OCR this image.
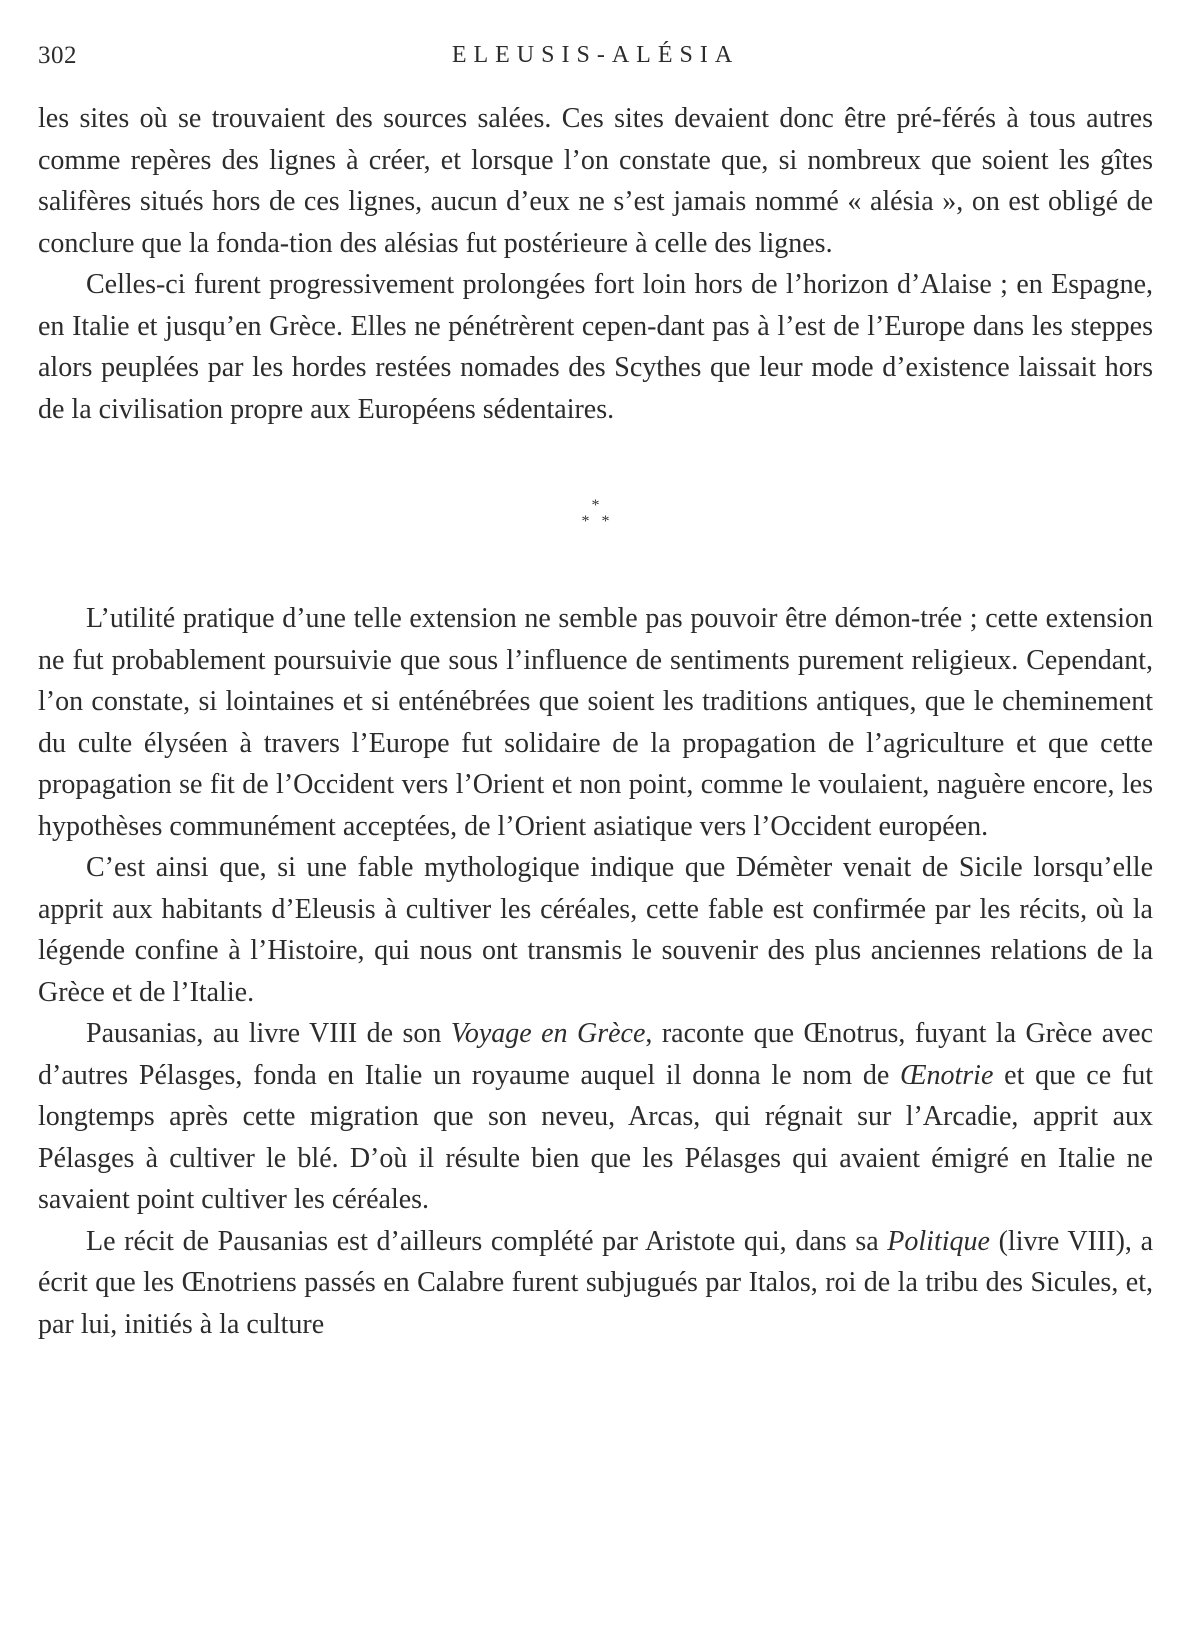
302	ELEUSIS-ALÉSIA

les sites où se trouvaient des sources salées. Ces sites devaient donc être pré-férés à tous autres comme repères des lignes à créer, et lorsque l’on constate que, si nombreux que soient les gîtes salifères situés hors de ces lignes, aucun d’eux ne s’est jamais nommé « alésia », on est obligé de conclure que la fonda-tion des alésias fut postérieure à celle des lignes.

Celles-ci furent progressivement prolongées fort loin hors de l’horizon d’Alaise ; en Espagne, en Italie et jusqu’en Grèce. Elles ne pénétrèrent cepen-dant pas à l’est de l’Europe dans les steppes alors peuplées par les hordes restées nomades des Scythes que leur mode d’existence laissait hors de la civilisation propre aux Européens sédentaires.

*
**

L’utilité pratique d’une telle extension ne semble pas pouvoir être démon-trée ; cette extension ne fut probablement poursuivie que sous l’influence de sentiments purement religieux. Cependant, l’on constate, si lointaines et si enténébrées que soient les traditions antiques, que le cheminement du culte élyséen à travers l’Europe fut solidaire de la propagation de l’agriculture et que cette propagation se fit de l’Occident vers l’Orient et non point, comme le voulaient, naguère encore, les hypothèses communément acceptées, de l’Orient asiatique vers l’Occident européen.

C’est ainsi que, si une fable mythologique indique que Démèter venait de Sicile lorsqu’elle apprit aux habitants d’Eleusis à cultiver les céréales, cette fable est confirmée par les récits, où la légende confine à l’Histoire, qui nous ont transmis le souvenir des plus anciennes relations de la Grèce et de l’Italie.

Pausanias, au livre VIII de son Voyage en Grèce, raconte que Œnotrus, fuyant la Grèce avec d’autres Pélasges, fonda en Italie un royaume auquel il donna le nom de Œnotrie et que ce fut longtemps après cette migration que son neveu, Arcas, qui régnait sur l’Arcadie, apprit aux Pélasges à cultiver le blé. D’où il résulte bien que les Pélasges qui avaient émigré en Italie ne savaient point cultiver les céréales.

Le récit de Pausanias est d’ailleurs complété par Aristote qui, dans sa Politique (livre VIII), a écrit que les Œnotriens passés en Calabre furent subjugués par Italos, roi de la tribu des Sicules, et, par lui, initiés à la culture
